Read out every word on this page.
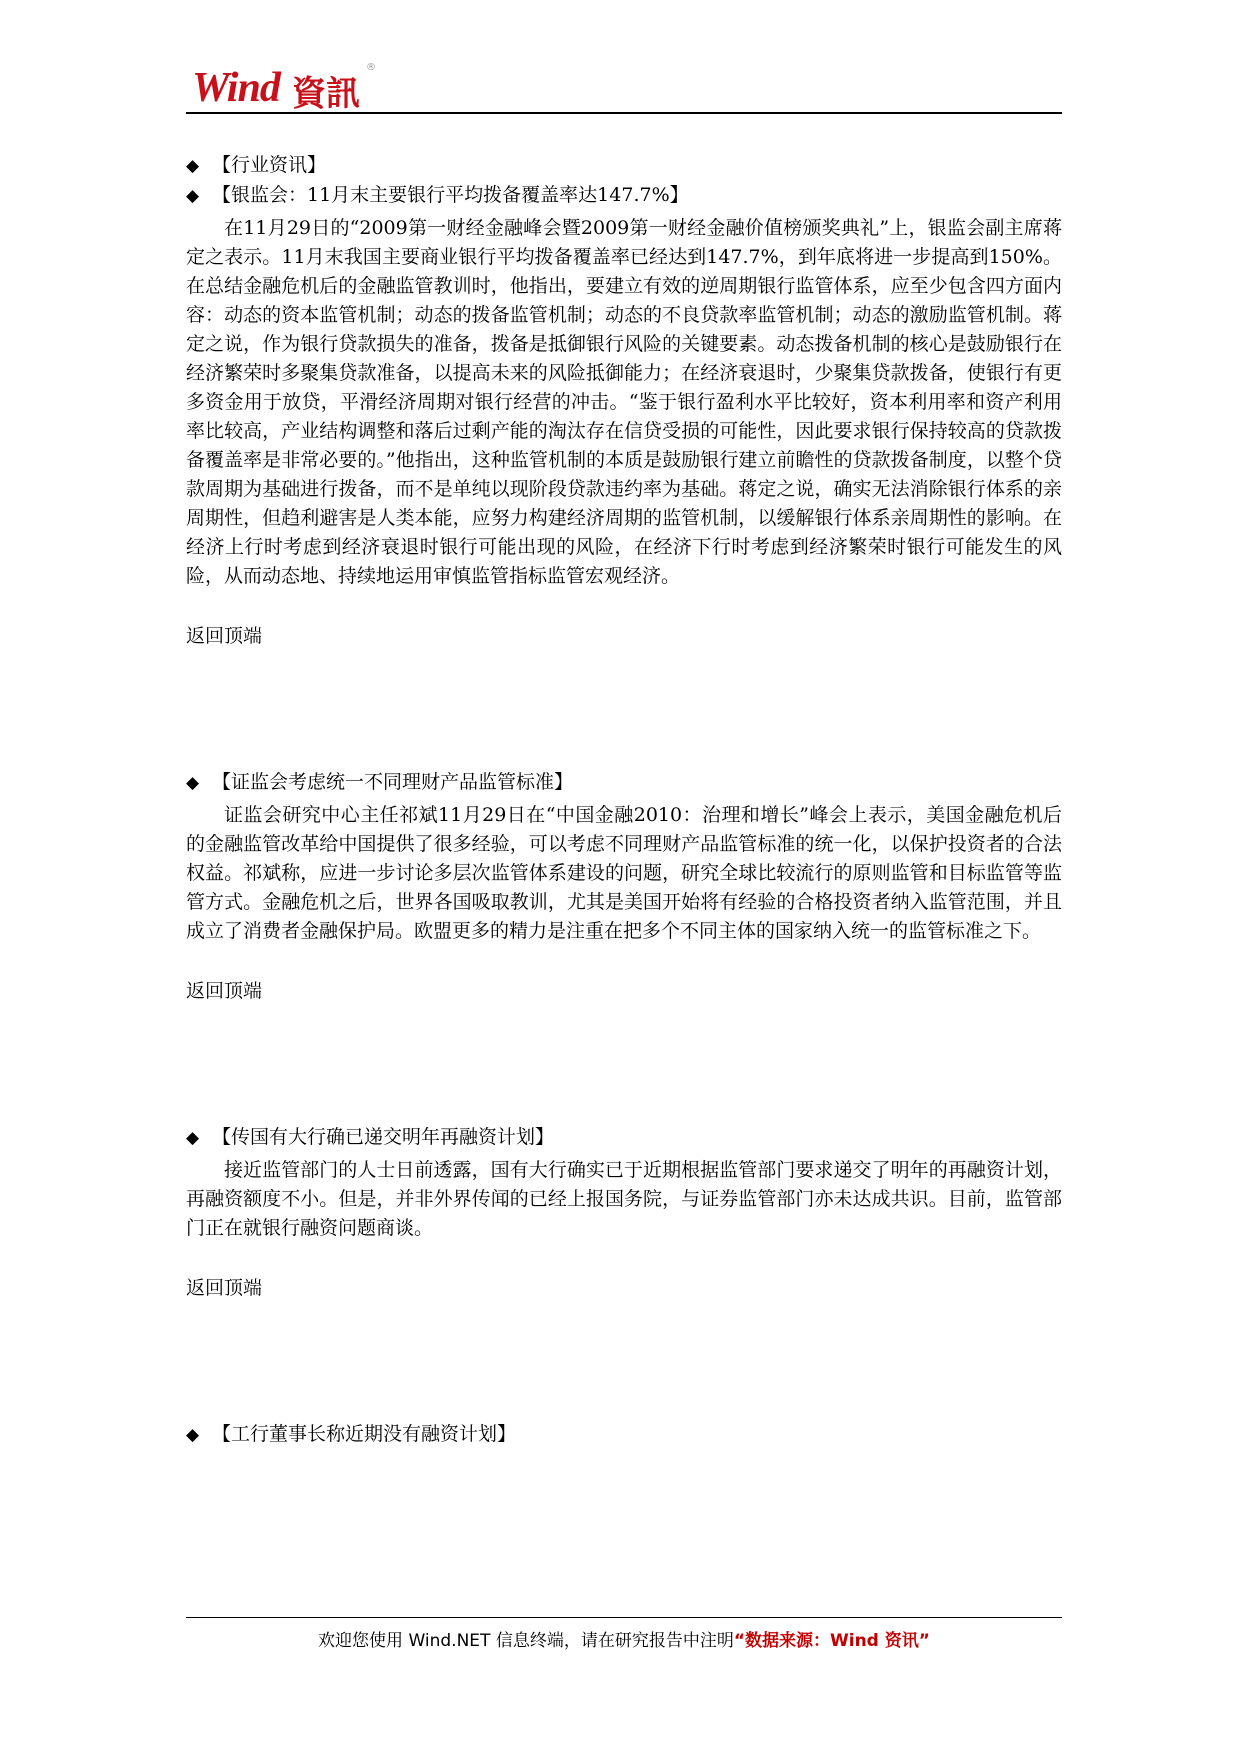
Wind 資訊
®
◆ 【行业资讯】
◆ 【银监会：11月末主要银行平均拨备覆盖率达147.7%】

在11月29日的“2009第一财经金融峰会暨2009第一财经金融价值榜颁奖典礼”上，银监会副主席蒋定之表示。11月末我国主要商业银行平均拨备覆盖率已经达到147.7%，到年底将进一步提高到150%。在总结金融危机后的金融监管教训时，他指出，要建立有效的逆周期银行监管体系，应至少包含四方面内容：动态的资本监管机制；动态的拨备监管机制；动态的不良贷款率监管机制；动态的激励监管机制。蒋定之说，作为银行贷款损失的准备，拨备是抵御银行风险的关键要素。动态拨备机制的核心是鼓励银行在经济繁荣时多聚集贷款准备，以提高未来的风险抵御能力；在经济衰退时，少聚集贷款拨备，使银行有更多资金用于放贷，平滑经济周期对银行经营的冲击。“鉴于银行盈利水平比较好，资本利用率和资产利用率比较高，产业结构调整和落后过剩产能的淘汰存在信贷受损的可能性，因此要求银行保持较高的贷款拨备覆盖率是非常必要的。”他指出，这种监管机制的本质是鼓励银行建立前瞻性的贷款拨备制度，以整个贷款周期为基础进行拨备，而不是单纯以现阶段贷款违约率为基础。蒋定之说，确实无法消除银行体系的亲周期性，但趋利避害是人类本能，应努力构建经济周期的监管机制，以缓解银行体系亲周期性的影响。在经济上行时考虑到经济衰退时银行可能出现的风险，在经济下行时考虑到经济繁荣时银行可能发生的风险，从而动态地、持续地运用审慎监管指标监管宏观经济。

返回顶端
◆ 【证监会考虑统一不同理财产品监管标准】

证监会研究中心主任祁斌11月29日在“中国金融2010：治理和增长”峰会上表示，美国金融危机后的金融监管改革给中国提供了很多经验，可以考虑不同理财产品监管标准的统一化，以保护投资者的合法权益。祁斌称，应进一步讨论多层次监管体系建设的问题，研究全球比较流行的原则监管和目标监管等监管方式。金融危机之后，世界各国吸取教训，尤其是美国开始将有经验的合格投资者纳入监管范围，并且成立了消费者金融保护局。欧盟更多的精力是注重在把多个不同主体的国家纳入统一的监管标准之下。

返回顶端
◆ 【传国有大行确已递交明年再融资计划】

接近监管部门的人士日前透露，国有大行确实已于近期根据监管部门要求递交了明年的再融资计划，再融资额度不小。但是，并非外界传闻的已经上报国务院，与证券监管部门亦未达成共识。目前，监管部门正在就银行融资问题商谈。

返回顶端
◆ 【工行董事长称近期没有融资计划】
欢迎您使用 Wind.NET 信息终端，请在研究报告中注明“数据来源：Wind 资讯”
